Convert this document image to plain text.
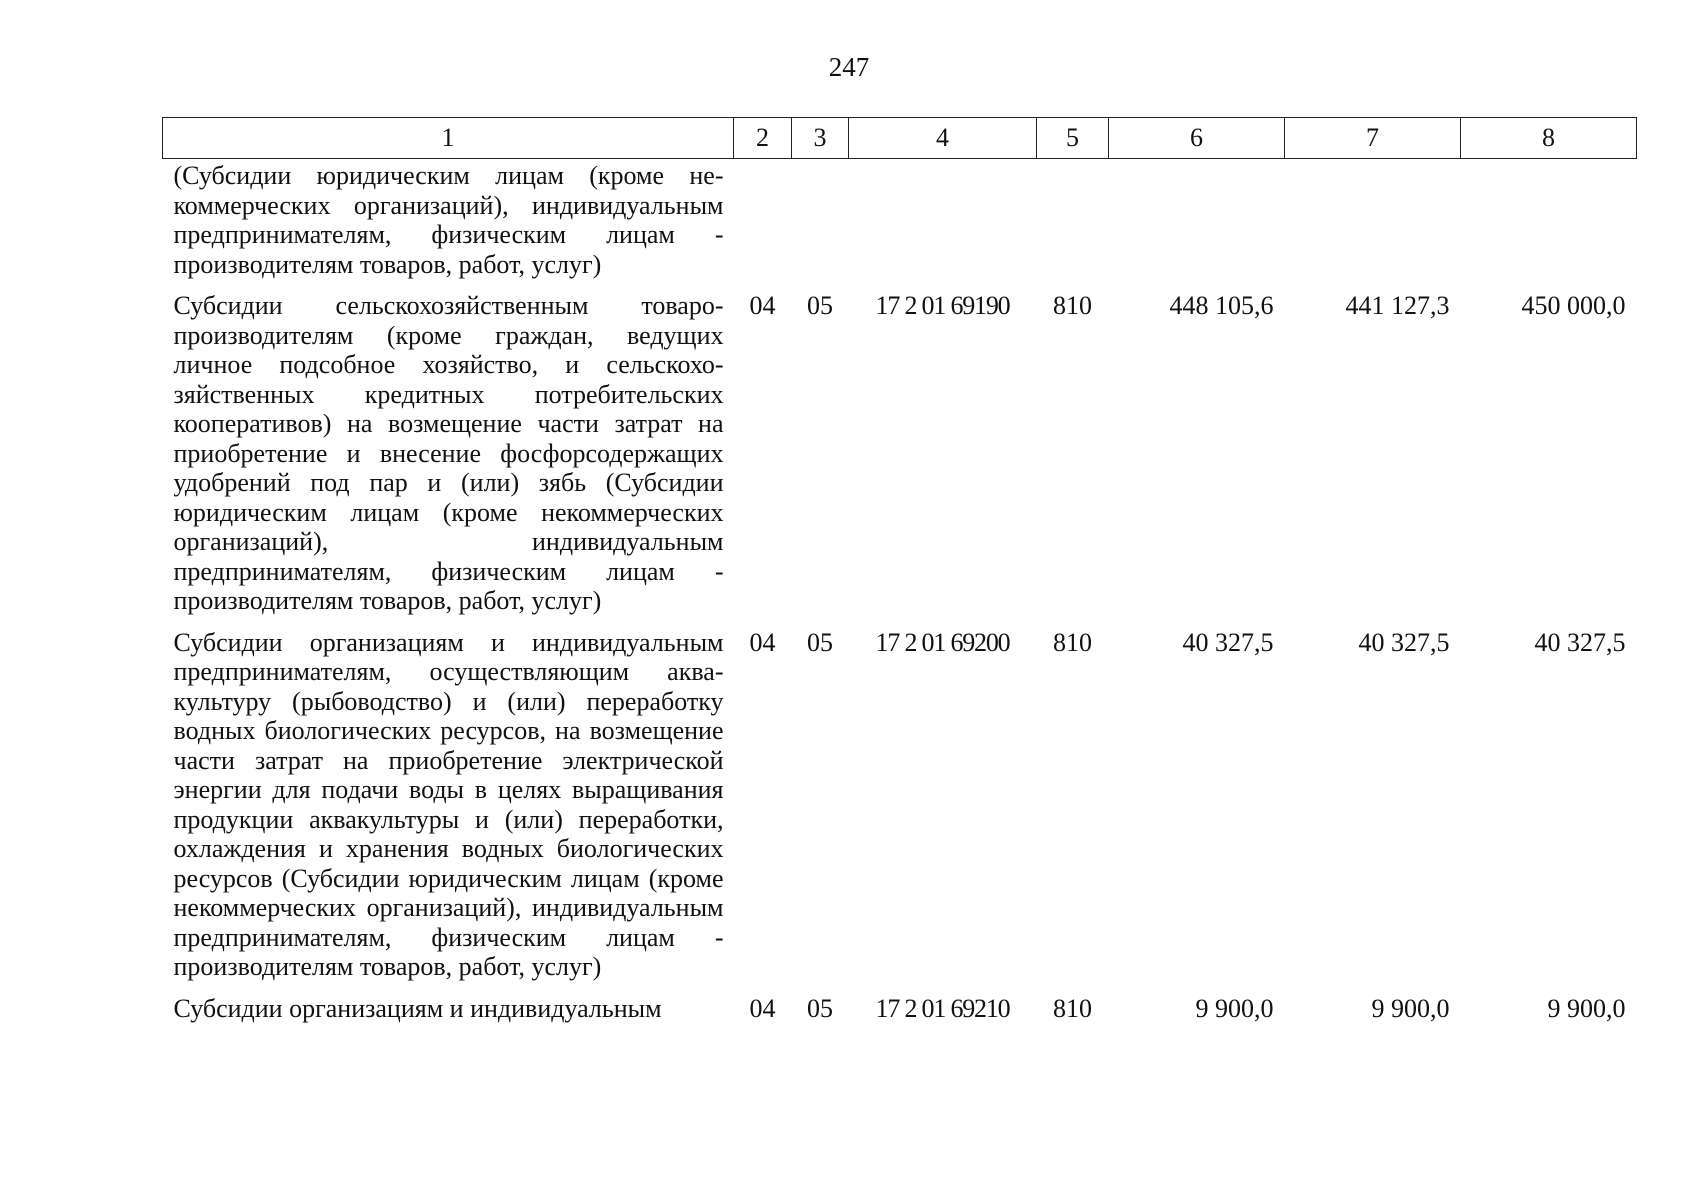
247
1	2	3	4	5	6	7	8
(Субсидии юридическим лицам (кроме некоммерческих организаций), индивидуальным предпринимателям, физическим лицам - производителям товаров, работ, услуг)							
Субсидии сельскохозяйственным товаропроизводителям (кроме граждан, ведущих личное подсобное хозяйство, и сельскохозяйственных кредитных потребительских кооперативов) на возмещение части затрат на приобретение и внесение фосфорсодержащих удобрений под пар и (или) зябь (Субсидии юридическим лицам (кроме некоммерческих организаций), индивидуальным предпринимателям, физическим лицам - производителям товаров, работ, услуг)	04	05	17 2 01 69190	810	448 105,6	441 127,3	450 000,0
Субсидии организациям и индивидуальным предпринимателям, осуществляющим аквакультуру (рыбоводство) и (или) переработку водных биологических ресурсов, на возмещение части затрат на приобретение электрической энергии для подачи воды в целях выращивания продукции аквакультуры и (или) переработки, охлаждения и хранения водных биологических ресурсов (Субсидии юридическим лицам (кроме некоммерческих организаций), индивидуальным предпринимателям, физическим лицам - производителям товаров, работ, услуг)	04	05	17 2 01 69200	810	40 327,5	40 327,5	40 327,5
Субсидии организациям и индивидуальным	04	05	17 2 01 69210	810	9 900,0	9 900,0	9 900,0
